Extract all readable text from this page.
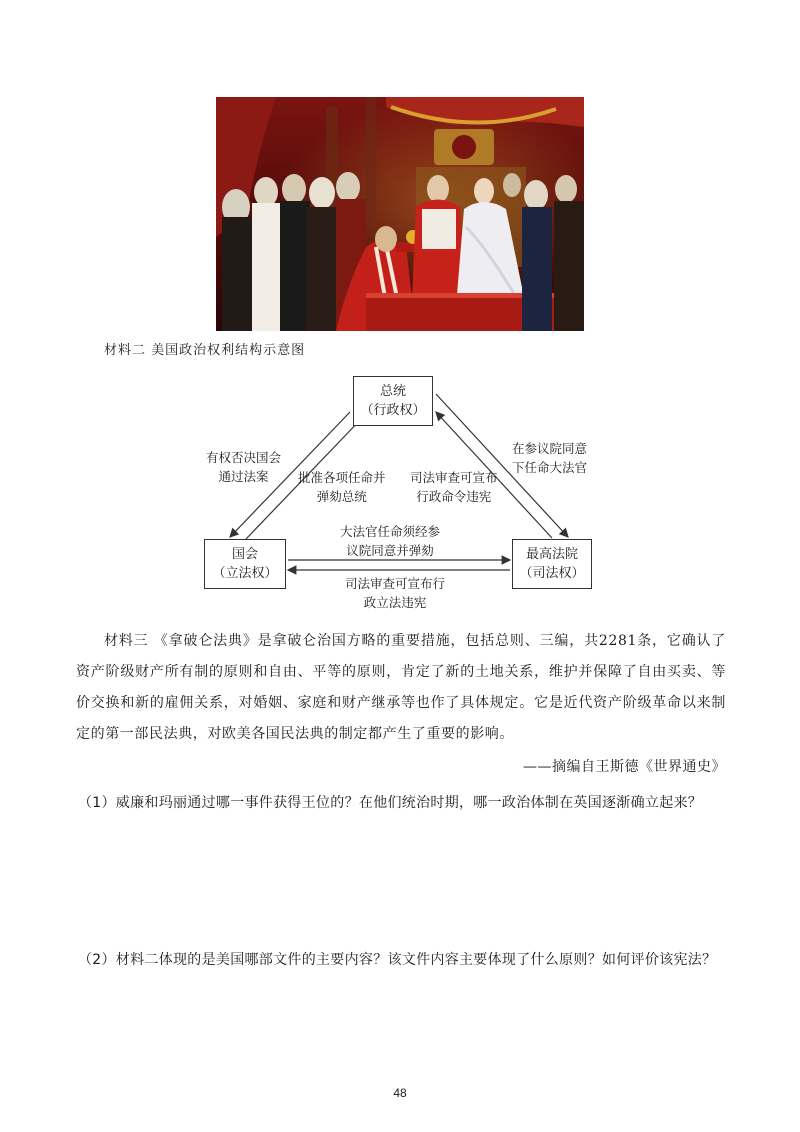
材料二 美国政治权利结构示意图
总统
（行政权）
国会
（立法权）
最高法院
（司法权）
有权否决国会
通过法案	批准各项任命并
弹劾总统
司法审查可宣布
行政命令违宪
在参议院同意
下任命大法官
大法官任命须经参
议院同意并弹劾
司法审查可宣布行
政立法违宪
材料三 《拿破仑法典》是拿破仑治国方略的重要措施，包括总则、三编，共2281条，它确认了资产阶级财产所有制的原则和自由、平等的原则，肯定了新的土地关系，维护并保障了自由买卖、等价交换和新的雇佣关系，对婚姻、家庭和财产继承等也作了具体规定。它是近代资产阶级革命以来制定的第一部民法典，对欧美各国民法典的制定都产生了重要的影响。
——摘编自王斯德《世界通史》
（1）威廉和玛丽通过哪一事件获得王位的？在他们统治时期，哪一政治体制在英国逐渐确立起来？
（2）材料二体现的是美国哪部文件的主要内容？该文件内容主要体现了什么原则？如何评价该宪法？
48
